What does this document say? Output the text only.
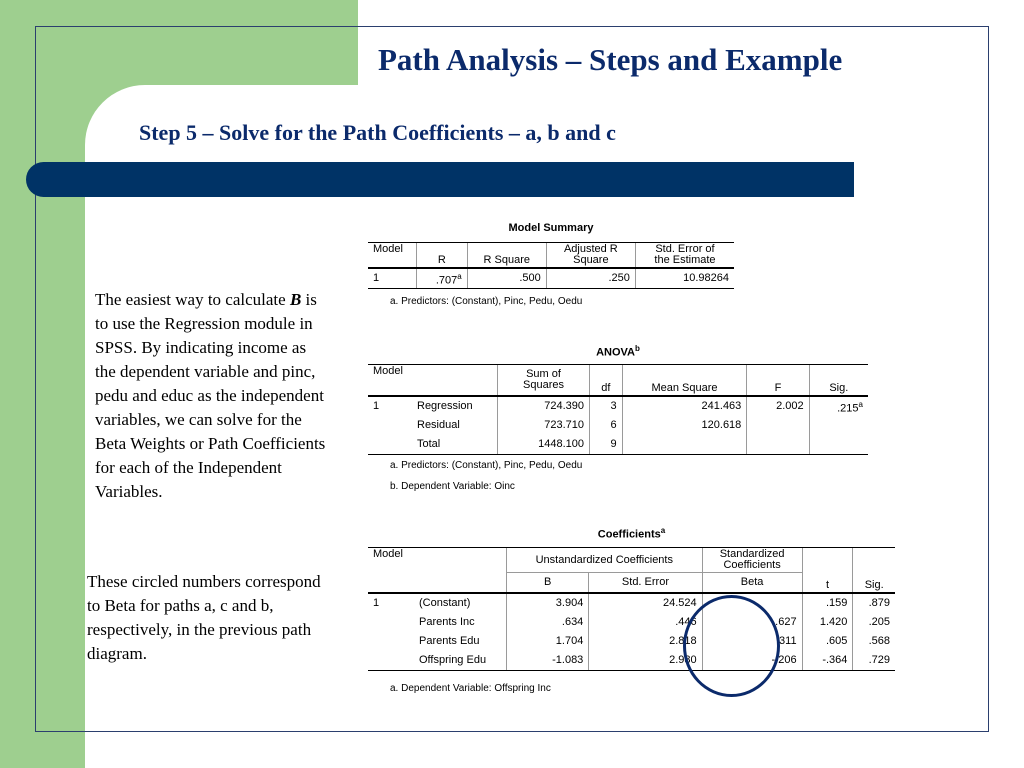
Path Analysis – Steps and Example
Step 5 – Solve for the Path Coefficients – a, b and c
The easiest way to calculate B is to use the Regression module in SPSS. By indicating income as the dependent variable and pinc, pedu and educ as the independent variables, we can solve for the Beta Weights or Path Coefficients for each of the Independent Variables.
These circled numbers correspond to Beta for paths a, c and b, respectively, in the previous path diagram.
Model Summary
Model	R	R Square	Adjusted R
Square	Std. Error of
the Estimate
1	.707$^a$	.500	.250	10.98264
a. Predictors: (Constant), Pinc, Pedu, Oedu
ANOVA$^b$
Model		Sum of
Squares	df	Mean Square	F	Sig.
1	Regression	724.390	3	241.463	2.002	.215$^a$
	Residual	723.710	6	120.618		
	Total	1448.100	9			
a. Predictors: (Constant), Pinc, Pedu, Oedu
b. Dependent Variable: Oinc
Coefficients$^a$
Model		Unstandardized Coefficients		Standardized
Coefficients	t	Sig.
		B	Std. Error	Beta		
1	(Constant)	3.904	24.524		.159	.879
	Parents Inc	.634	.446	.627	1.420	.205
	Parents Edu	1.704	2.818	.311	.605	.568
	Offspring Edu	-1.083	2.980	-.206	-.364	.729
a. Dependent Variable: Offspring Inc
